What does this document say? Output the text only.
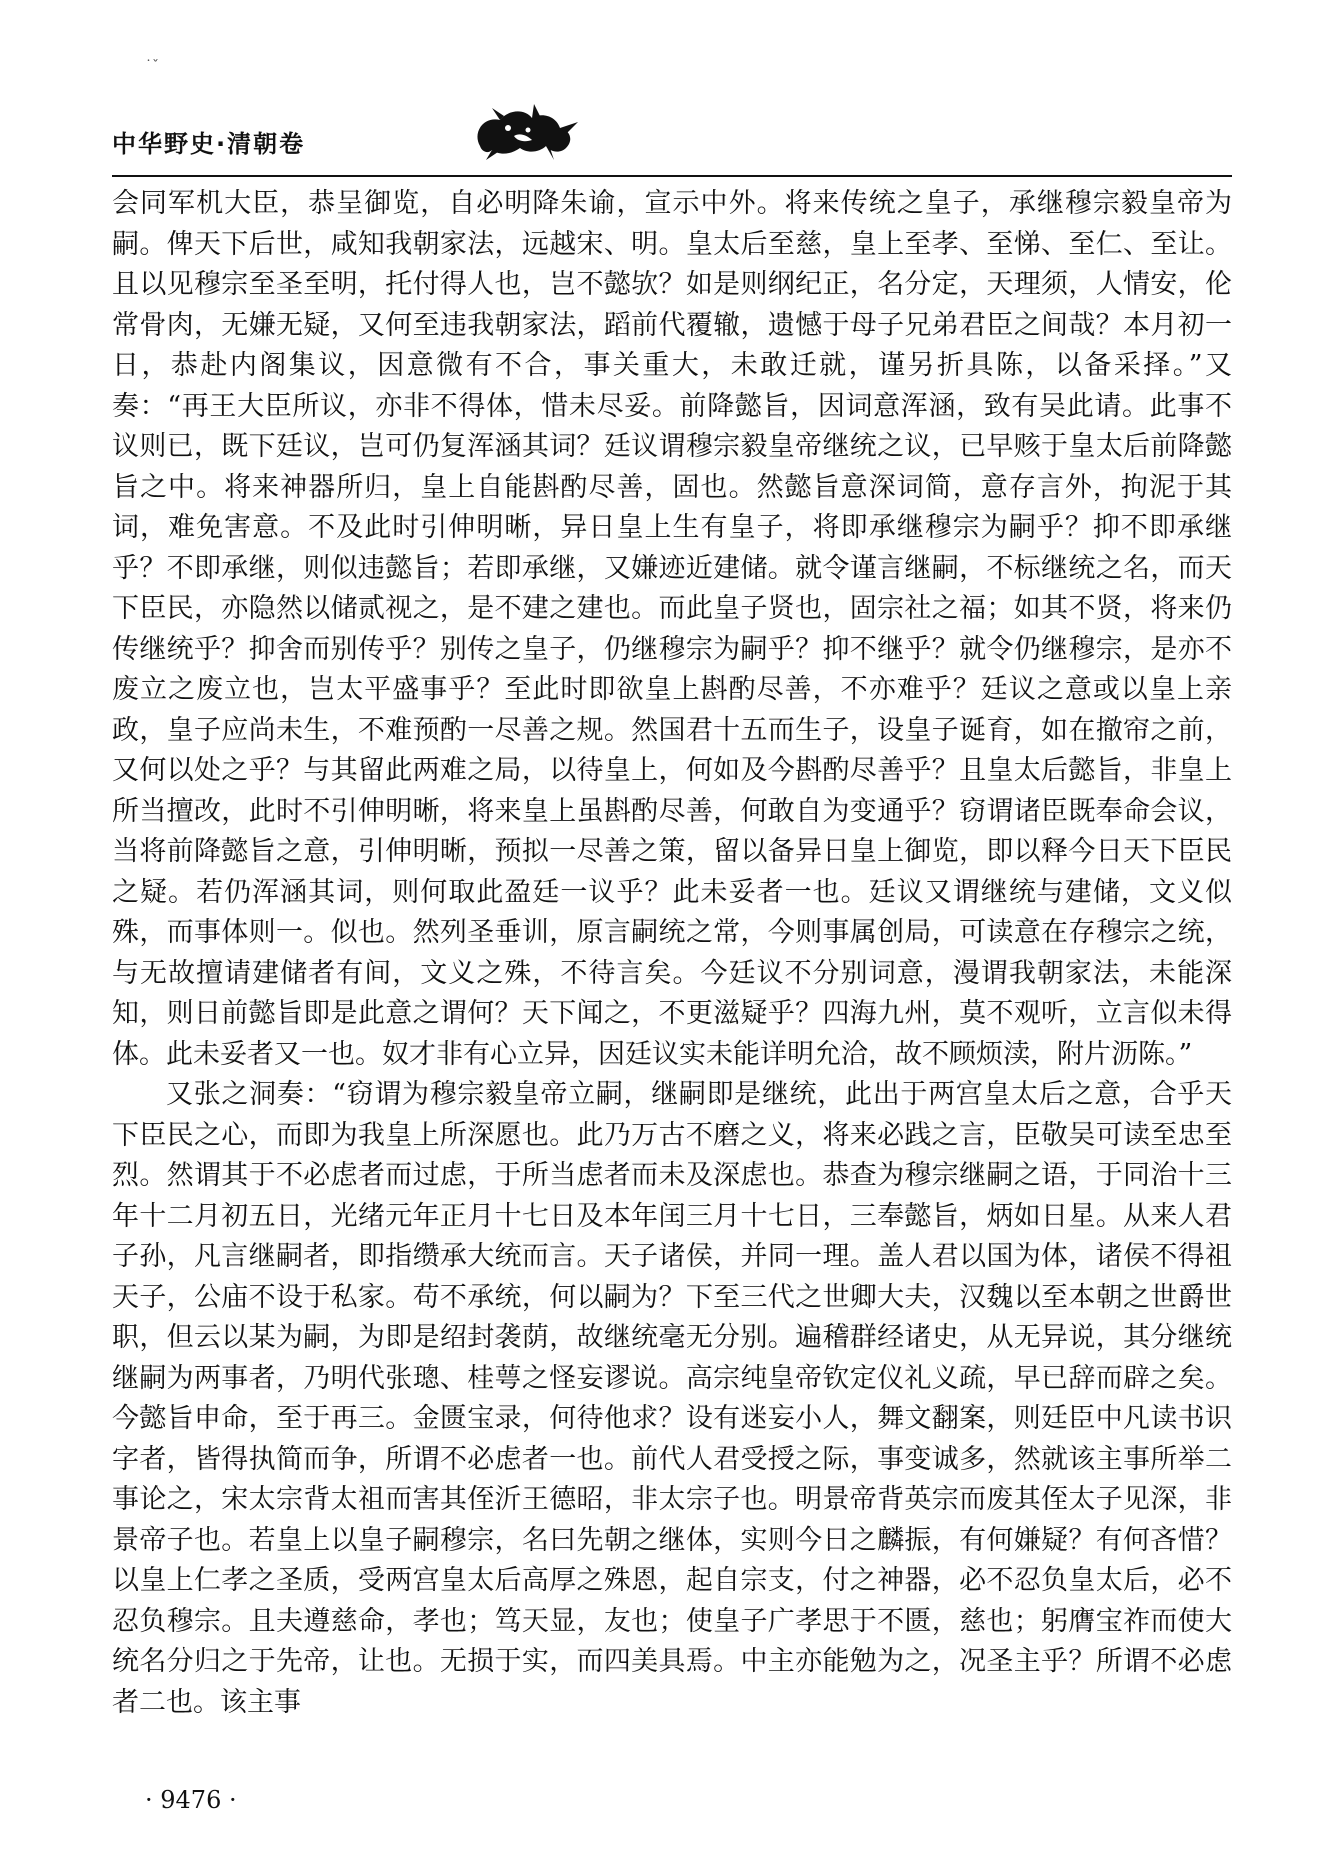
˙ˇ
中华野史·清朝卷

会同军机大臣，恭呈御览，自必明降朱谕，宣示中外。将来传统之皇子，承继穆宗毅皇帝为嗣。俾天下后世，咸知我朝家法，远越宋、明。皇太后至慈，皇上至孝、至悌、至仁、至让。且以见穆宗至圣至明，托付得人也，岂不懿欤？如是则纲纪正，名分定，天理须，人情安，伦常骨肉，无嫌无疑，又何至违我朝家法，蹈前代覆辙，遗憾于母子兄弟君臣之间哉？本月初一日，恭赴内阁集议，因意微有不合，事关重大，未敢迁就，谨另折具陈，以备采择。”又奏：“再王大臣所议，亦非不得体，惜未尽妥。前降懿旨，因词意浑涵，致有吴此请。此事不议则已，既下廷议，岂可仍复浑涵其词？廷议谓穆宗毅皇帝继统之议，已早赅于皇太后前降懿旨之中。将来神器所归，皇上自能斟酌尽善，固也。然懿旨意深词简，意存言外，拘泥于其词，难免害意。不及此时引伸明晰，异日皇上生有皇子，将即承继穆宗为嗣乎？抑不即承继乎？不即承继，则似违懿旨；若即承继，又嫌迹近建储。就令谨言继嗣，不标继统之名，而天下臣民，亦隐然以储贰视之，是不建之建也。而此皇子贤也，固宗社之福；如其不贤，将来仍传继统乎？抑舍而别传乎？别传之皇子，仍继穆宗为嗣乎？抑不继乎？就令仍继穆宗，是亦不废立之废立也，岂太平盛事乎？至此时即欲皇上斟酌尽善，不亦难乎？廷议之意或以皇上亲政，皇子应尚未生，不难预酌一尽善之规。然国君十五而生子，设皇子诞育，如在撤帘之前，又何以处之乎？与其留此两难之局，以待皇上，何如及今斟酌尽善乎？且皇太后懿旨，非皇上所当擅改，此时不引伸明晰，将来皇上虽斟酌尽善，何敢自为变通乎？窃谓诸臣既奉命会议，当将前降懿旨之意，引伸明晰，预拟一尽善之策，留以备异日皇上御览，即以释今日天下臣民之疑。若仍浑涵其词，则何取此盈廷一议乎？此未妥者一也。廷议又谓继统与建储，文义似殊，而事体则一。似也。然列圣垂训，原言嗣统之常，今则事属创局，可读意在存穆宗之统，与无故擅请建储者有间，文义之殊，不待言矣。今廷议不分别词意，漫谓我朝家法，未能深知，则日前懿旨即是此意之谓何？天下闻之，不更滋疑乎？四海九州，莫不观听，立言似未得体。此未妥者又一也。奴才非有心立异，因廷议实未能详明允洽，故不顾烦渎，附片沥陈。”

又张之洞奏：“窃谓为穆宗毅皇帝立嗣，继嗣即是继统，此出于两宫皇太后之意，合乎天下臣民之心，而即为我皇上所深愿也。此乃万古不磨之义，将来必践之言，臣敬吴可读至忠至烈。然谓其于不必虑者而过虑，于所当虑者而未及深虑也。恭查为穆宗继嗣之语，于同治十三年十二月初五日，光绪元年正月十七日及本年闰三月十七日，三奉懿旨，炳如日星。从来人君子孙，凡言继嗣者，即指缵承大统而言。天子诸侯，并同一理。盖人君以国为体，诸侯不得祖天子，公庙不设于私家。苟不承统，何以嗣为？下至三代之世卿大夫，汉魏以至本朝之世爵世职，但云以某为嗣，为即是绍封袭荫，故继统毫无分别。遍稽群经诸史，从无异说，其分继统继嗣为两事者，乃明代张璁、桂萼之怪妄谬说。高宗纯皇帝钦定仪礼义疏，早已辞而辟之矣。今懿旨申命，至于再三。金匮宝录，何待他求？设有迷妄小人，舞文翻案，则廷臣中凡读书识字者，皆得执简而争，所谓不必虑者一也。前代人君受授之际，事变诚多，然就该主事所举二事论之，宋太宗背太祖而害其侄沂王德昭，非太宗子也。明景帝背英宗而废其侄太子见深，非景帝子也。若皇上以皇子嗣穆宗，名曰先朝之继体，实则今日之麟振，有何嫌疑？有何吝惜？以皇上仁孝之圣质，受两宫皇太后高厚之殊恩，起自宗支，付之神器，必不忍负皇太后，必不忍负穆宗。且夫遵慈命，孝也；笃天显，友也；使皇子广孝思于不匮，慈也；躬膺宝祚而使大统名分归之于先帝，让也。无损于实，而四美具焉。中主亦能勉为之，况圣主乎？所谓不必虑者二也。该主事

· 9476 ·
